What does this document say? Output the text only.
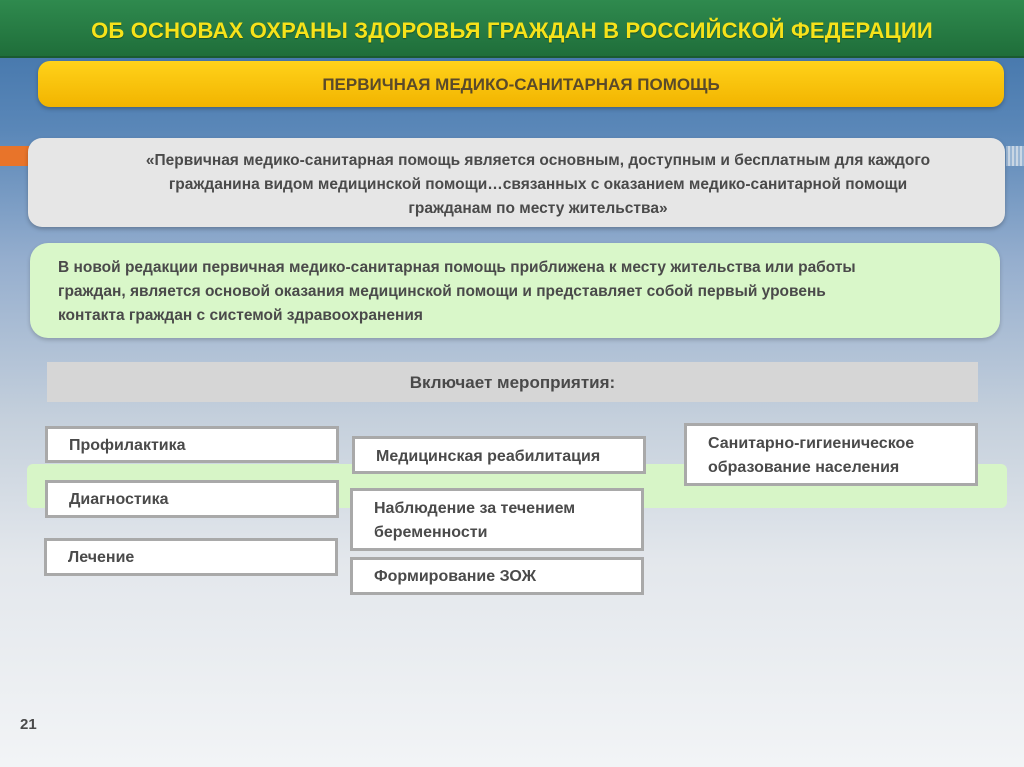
ОБ ОСНОВАХ ОХРАНЫ ЗДОРОВЬЯ ГРАЖДАН В РОССИЙСКОЙ ФЕДЕРАЦИИ
ПЕРВИЧНАЯ МЕДИКО-САНИТАРНАЯ ПОМОЩЬ
«Первичная медико-санитарная помощь является основным, доступным и бесплатным для каждого
гражданина видом медицинской помощи…связанных с оказанием медико-санитарной помощи
гражданам по месту жительства»
В новой редакции первичная медико-санитарная помощь приближена к месту жительства или работы
граждан, является основой оказания медицинской помощи и представляет собой первый уровень
контакта граждан с системой здравоохранения
Включает мероприятия:
Профилактика
Диагностика
Лечение
Медицинская реабилитация
Наблюдение за течением
беременности
Формирование ЗОЖ
Санитарно-гигиеническое
образование населения
21
